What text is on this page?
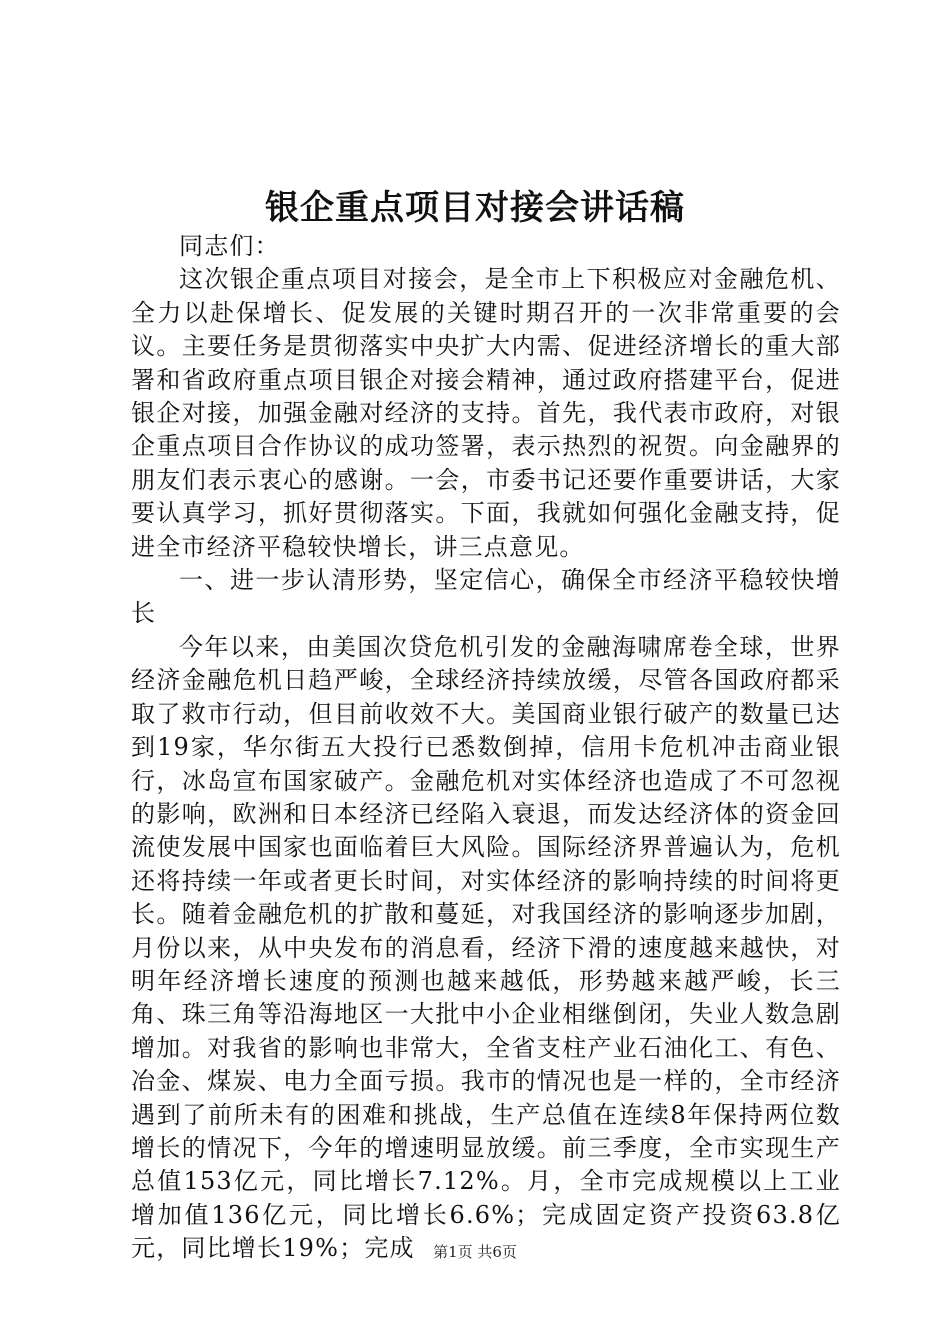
银企重点项目对接会讲话稿

同志们：

这次银企重点项目对接会，是全市上下积极应对金融危机、全力以赴保增长、促发展的关键时期召开的一次非常重要的会议。主要任务是贯彻落实中央扩大内需、促进经济增长的重大部署和省政府重点项目银企对接会精神，通过政府搭建平台，促进银企对接，加强金融对经济的支持。首先，我代表市政府，对银企重点项目合作协议的成功签署，表示热烈的祝贺。向金融界的朋友们表示衷心的感谢。一会，市委书记还要作重要讲话，大家要认真学习，抓好贯彻落实。下面，我就如何强化金融支持，促进全市经济平稳较快增长，讲三点意见。

一、进一步认清形势，坚定信心，确保全市经济平稳较快增长

今年以来，由美国次贷危机引发的金融海啸席卷全球，世界经济金融危机日趋严峻，全球经济持续放缓，尽管各国政府都采取了救市行动，但目前收效不大。美国商业银行破产的数量已达到19家，华尔街五大投行已悉数倒掉，信用卡危机冲击商业银行，冰岛宣布国家破产。金融危机对实体经济也造成了不可忽视的影响，欧洲和日本经济已经陷入衰退，而发达经济体的资金回流使发展中国家也面临着巨大风险。国际经济界普遍认为，危机还将持续一年或者更长时间，对实体经济的影响持续的时间将更长。随着金融危机的扩散和蔓延，对我国经济的影响逐步加剧，月份以来，从中央发布的消息看，经济下滑的速度越来越快，对明年经济增长速度的预测也越来越低，形势越来越严峻，长三角、珠三角等沿海地区一大批中小企业相继倒闭，失业人数急剧增加。对我省的影响也非常大，全省支柱产业石油化工、有色、冶金、煤炭、电力全面亏损。我市的情况也是一样的，全市经济遇到了前所未有的困难和挑战，生产总值在连续8年保持两位数增长的情况下，今年的增速明显放缓。前三季度，全市实现生产总值153亿元，同比增长7.12%。月，全市完成规模以上工业增加值136亿元，同比增长6.6%；完成固定资产投资63.8亿元，同比增长19%；完成	第1页 共6页
